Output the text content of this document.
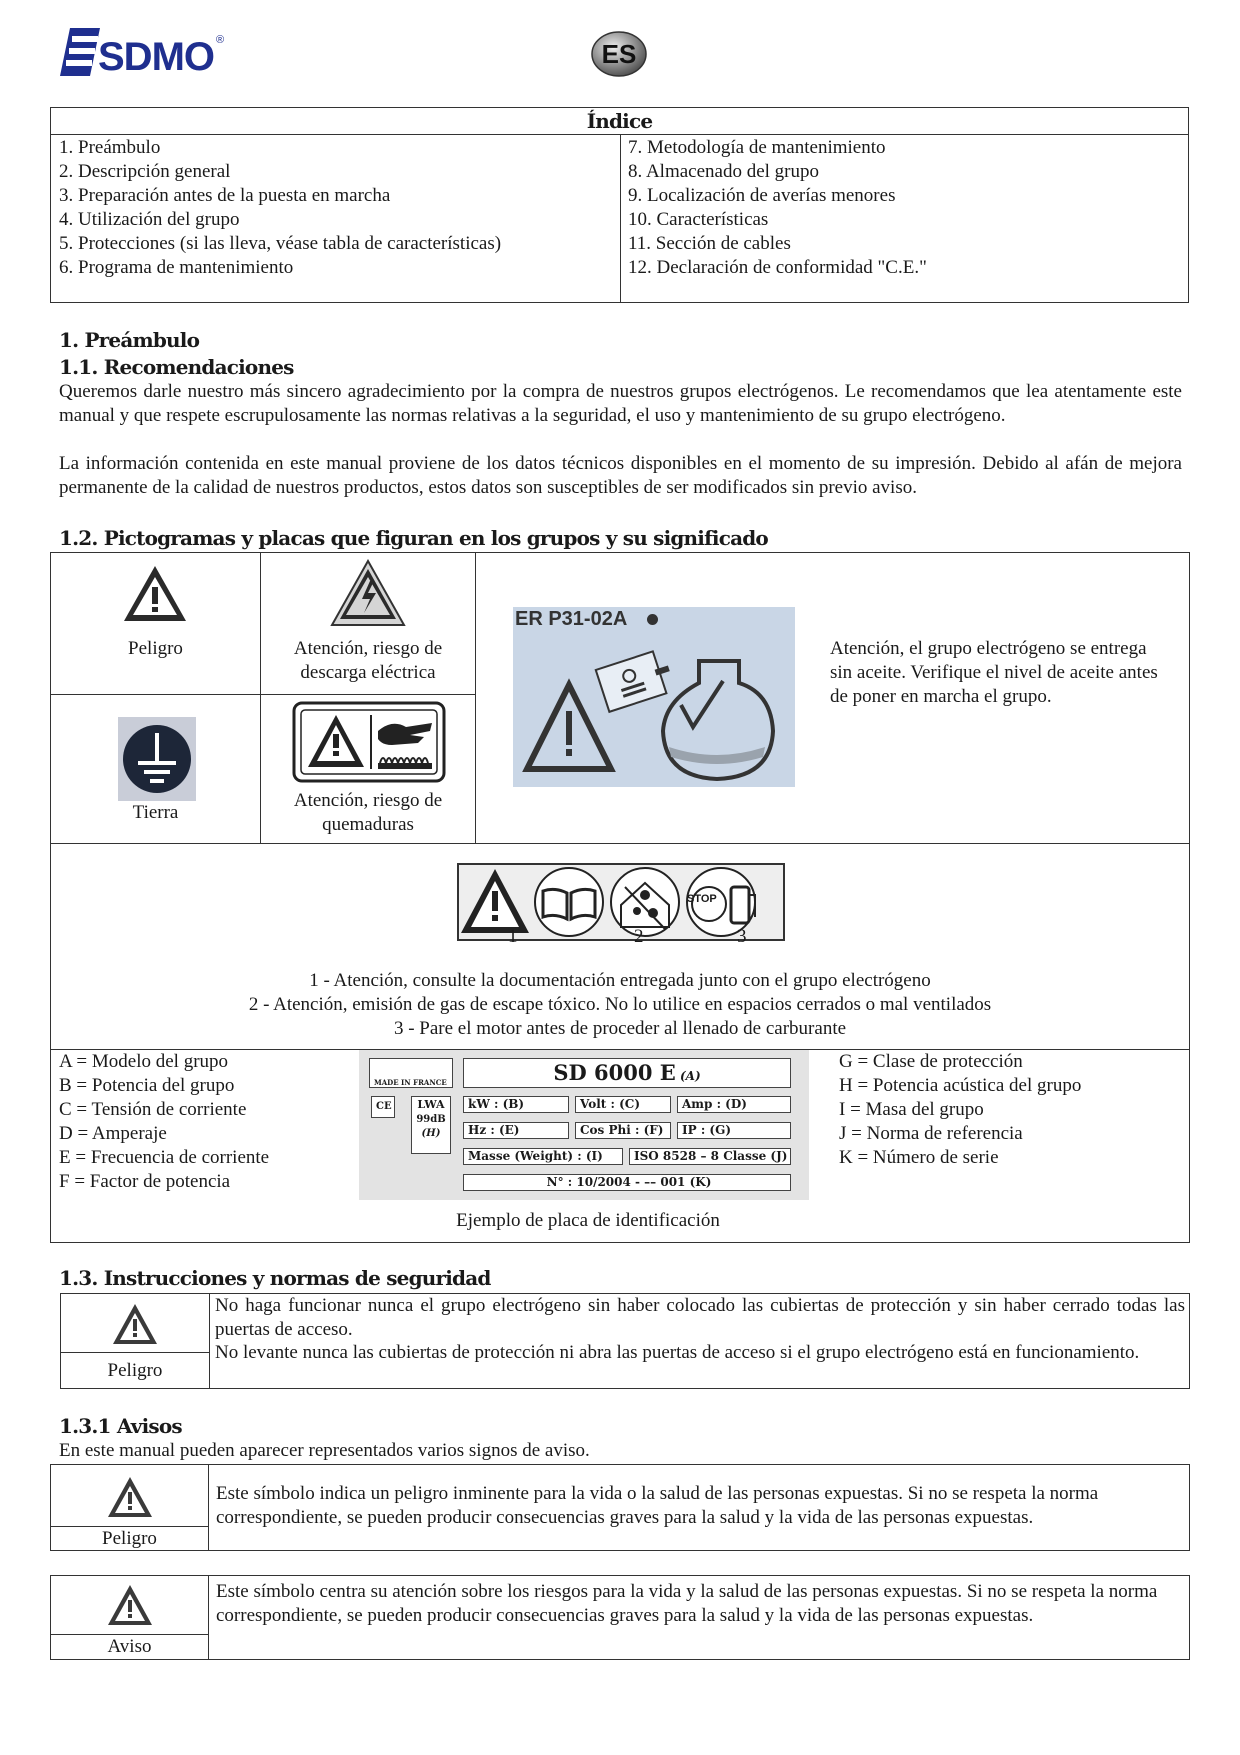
SDMO ®	ES
Índice

1. Preámbulo
2. Descripción general
3. Preparación antes de la puesta en marcha
4. Utilización del grupo
5. Protecciones (si las lleva, véase tabla de características)
6. Programa de mantenimiento

7. Metodología de mantenimiento
8. Almacenado del grupo
9. Localización de averías menores
10. Características
11. Sección de cables
12. Declaración de conformidad "C.E."
1. Preámbulo
1.1. Recomendaciones
Queremos darle nuestro más sincero agradecimiento por la compra de nuestros grupos electrógenos. Le recomendamos que lea atentamente este manual y que respete escrupulosamente las normas relativas a la seguridad, el uso y mantenimiento de su grupo electrógeno.
La información contenida en este manual proviene de los datos técnicos disponibles en el momento de su impresión. Debido al afán de mejora permanente de la calidad de nuestros productos, estos datos son susceptibles de ser modificados sin previo aviso.
1.2. Pictogramas y placas que figuran en los grupos y su significado
Peligro	Atención, riesgo de descarga eléctrica
Tierra
Atención, riesgo de quemaduras
ER P31-02A
Atención, el grupo electrógeno se entrega sin aceite. Verifique el nivel de aceite antes de poner en marcha el grupo.
STOP
1	2	3
1 - Atención, consulte la documentación entregada junto con el grupo electrógeno
2 - Atención, emisión de gas de escape tóxico. No lo utilice en espacios cerrados o mal ventilados
3 - Pare el motor antes de proceder al llenado de carburante
A = Modelo del grupo
B = Potencia del grupo
C = Tensión de corriente
D = Amperaje
E = Frecuencia de corriente
F = Factor de potencia
MADE IN FRANCE	SD 6000 E (A)
CE	LWA
99dB
(H)
kW : (B)	Volt : (C)	Amp : (D)
Hz : (E)	Cos Phi : (F)	IP : (G)
Masse (Weight) : (I)	ISO 8528 – 8 Classe (J)
N° : 10/2004 - –– 001 (K)
G = Clase de protección
H = Potencia acústica del grupo
I = Masa del grupo
J = Norma de referencia
K = Número de serie
Ejemplo de placa de identificación
1.3. Instrucciones y normas de seguridad
Peligro
No haga funcionar nunca el grupo electrógeno sin haber colocado las cubiertas de protección y sin haber cerrado todas las puertas de acceso.
No levante nunca las cubiertas de protección ni abra las puertas de acceso si el grupo electrógeno está en funcionamiento.
1.3.1 Avisos
En este manual pueden aparecer representados varios signos de aviso.
Peligro
Este símbolo indica un peligro inminente para la vida o la salud de las personas expuestas. Si no se respeta la norma correspondiente, se pueden producir consecuencias graves para la salud y la vida de las personas expuestas.
Aviso
Este símbolo centra su atención sobre los riesgos para la vida y la salud de las personas expuestas. Si no se respeta la norma correspondiente, se pueden producir consecuencias graves para la salud y la vida de las personas expuestas.
